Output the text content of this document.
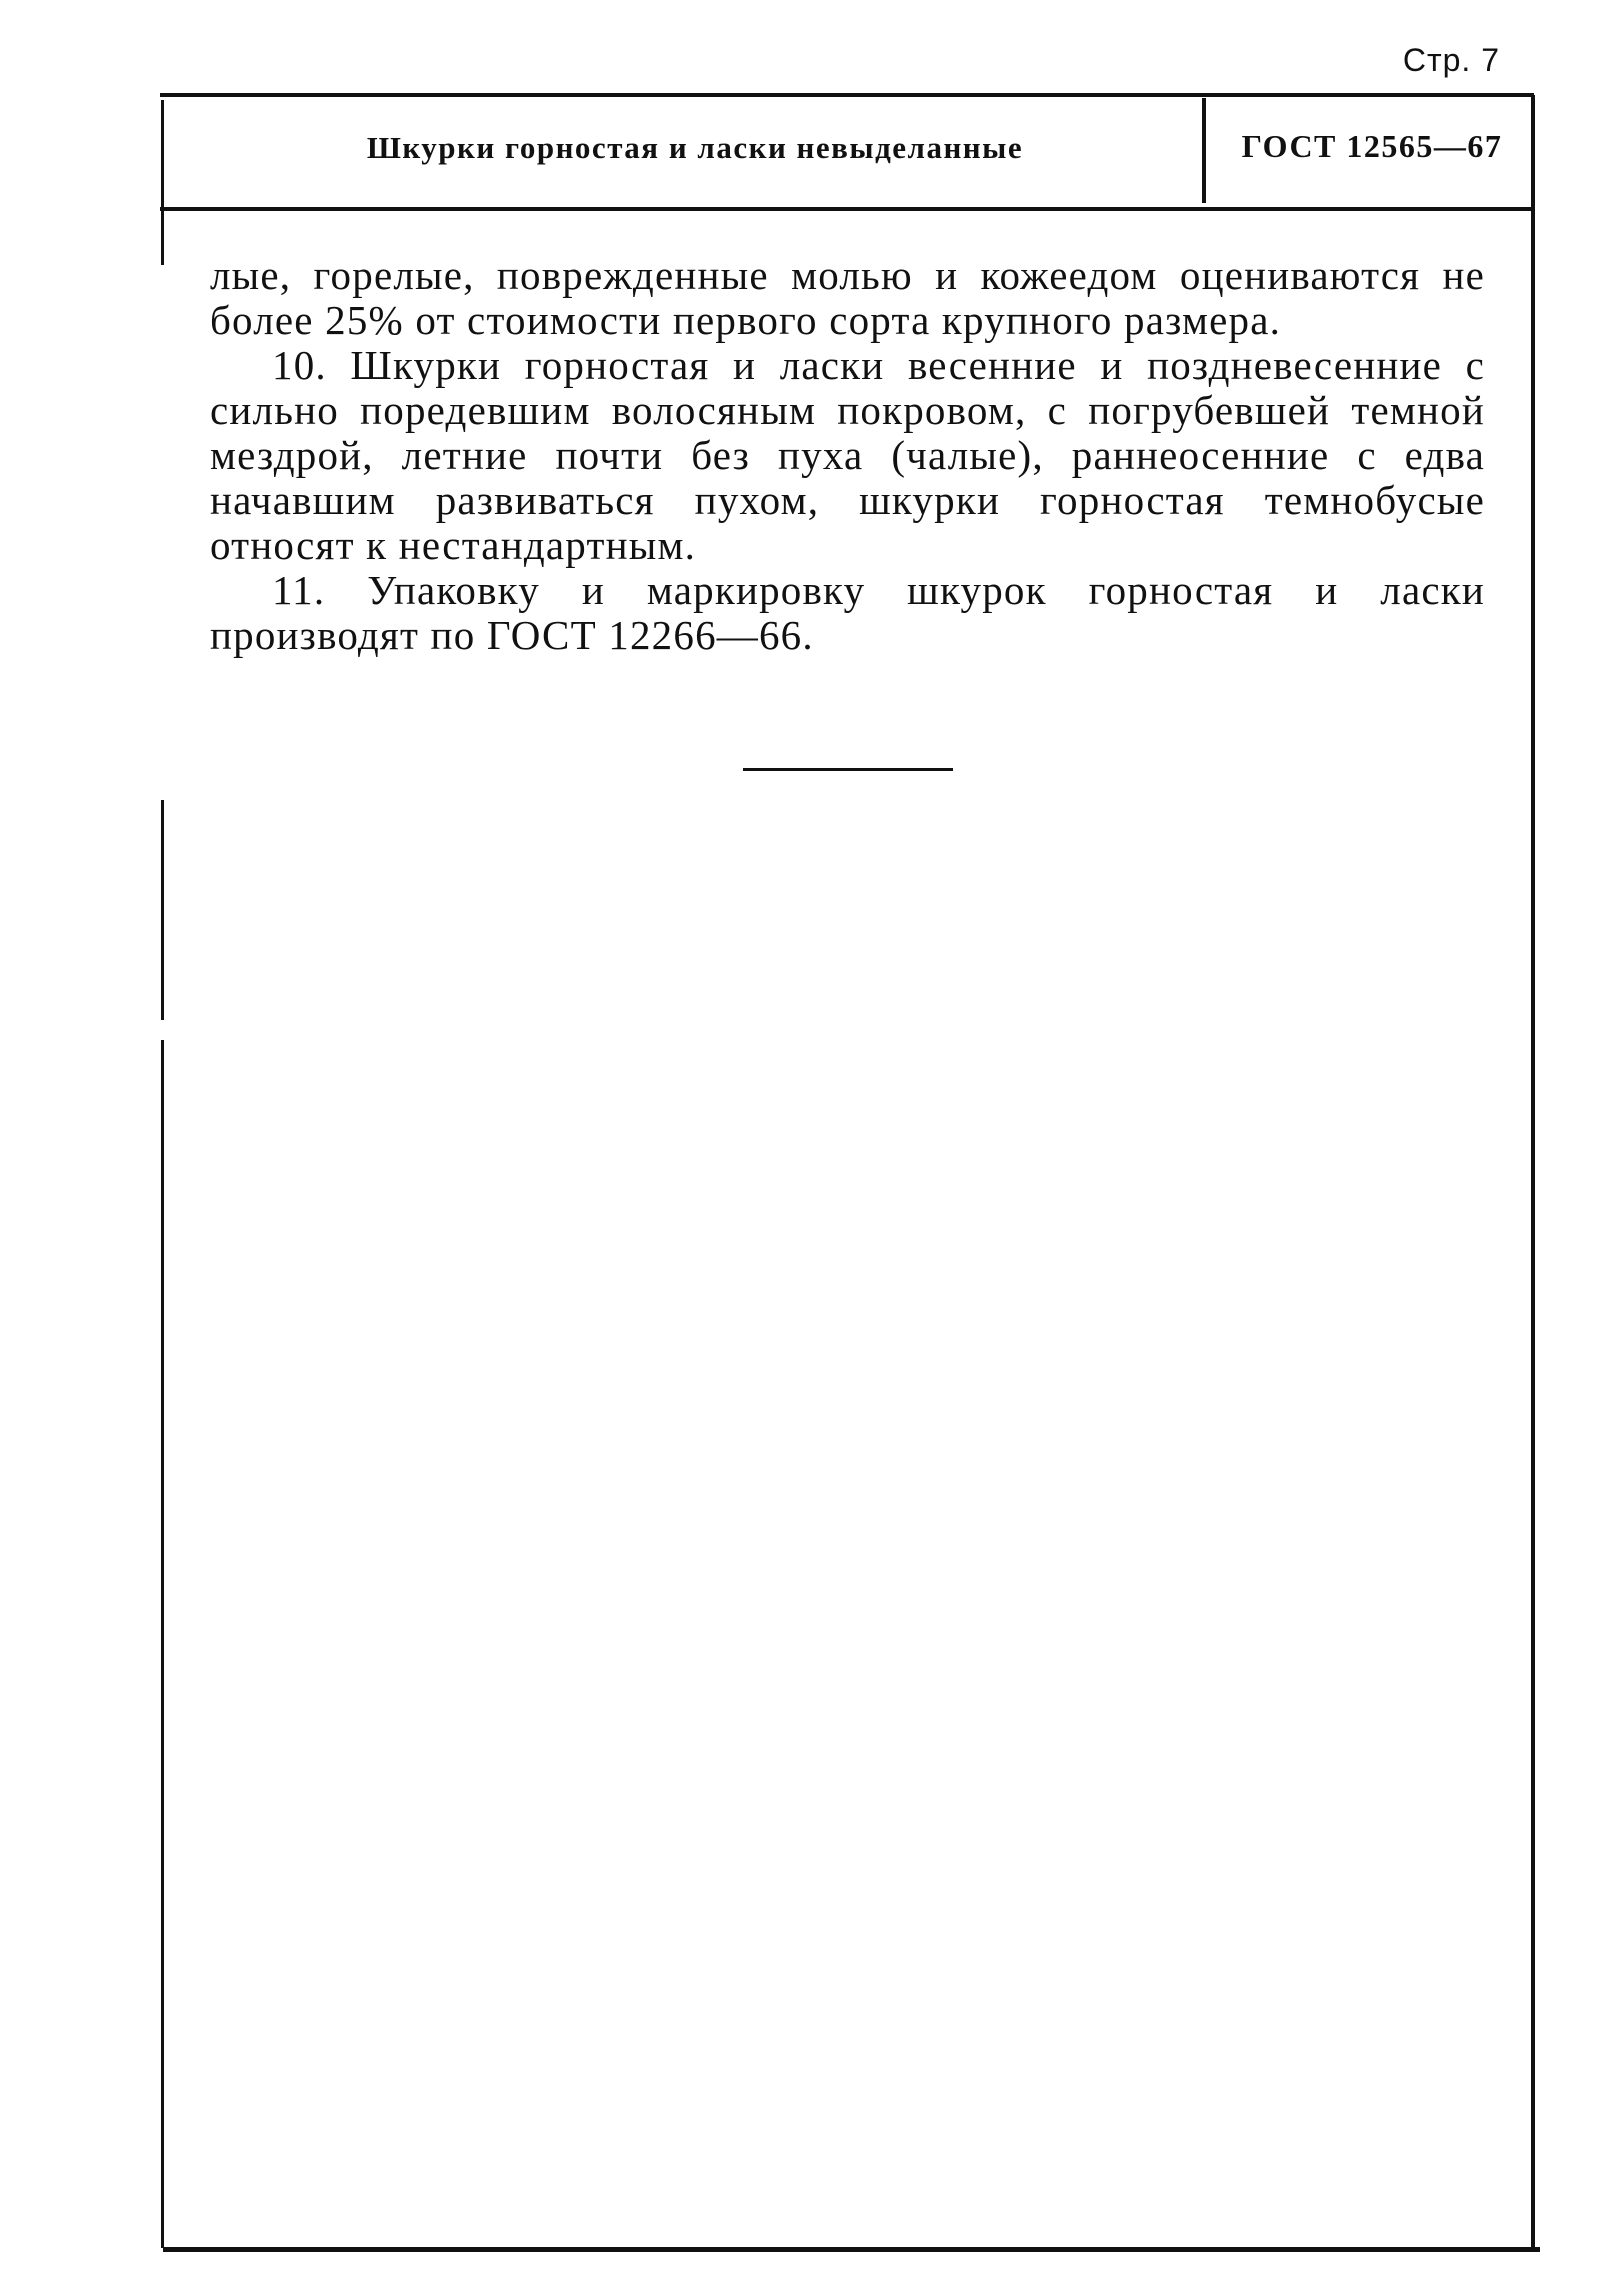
Стр. 7
Шкурки горностая и ласки невыделанные	ГОСТ 12565—67

лые, горелые, поврежденные молью и кожеедом оцениваются не более 25% от стоимости первого сорта крупного размера.

10. Шкурки горностая и ласки весенние и поздневесенние с сильно поредевшим волосяным покровом, с погрубевшей темной мездрой, летние почти без пуха (чалые), раннеосенние с едва начавшим развиваться пухом, шкурки горностая темнобусые относят к нестандартным.

11. Упаковку и маркировку шкурок горностая и ласки производят по ГОСТ 12266—66.
